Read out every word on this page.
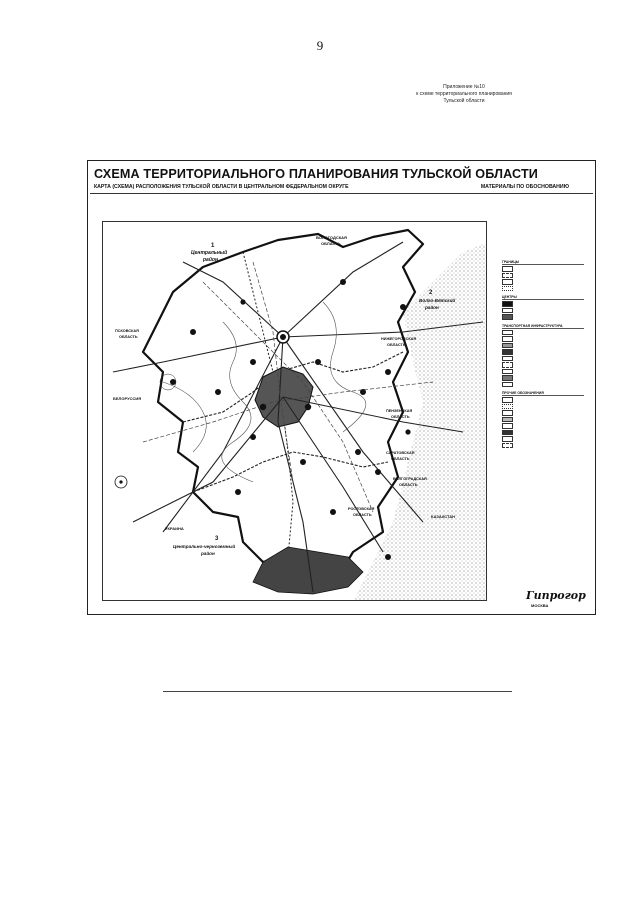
9
Приложение №10
к схеме территориального планирования
Тульской области
СХЕМА ТЕРРИТОРИАЛЬНОГО ПЛАНИРОВАНИЯ ТУЛЬСКОЙ ОБЛАСТИ
КАРТА (СХЕМА) РАСПОЛОЖЕНИЯ ТУЛЬСКОЙ ОБЛАСТИ В ЦЕНТРАЛЬНОМ ФЕДЕРАЛЬНОМ ОКРУГЕ	МАТЕРИАЛЫ ПО ОБОСНОВАНИЮ
1
Центральный
район
ВОЛОГОДСКАЯ
ОБЛАСТЬ
2
Волго-Вятский
район
ПСКОВСКАЯ
ОБЛАСТЬ	НИЖЕГОРОДСКАЯ
ОБЛАСТЬ
БЕЛОРУССИЯ
ПЕНЗЕНСКАЯ
ОБЛАСТЬ
САРАТОВСКАЯ
ОБЛАСТЬ
ВОЛГОГРАДСКАЯ
ОБЛАСТЬ
УКРАИНА
РОСТОВСКАЯ
ОБЛАСТЬ	КАЗАХСТАН
3
Центрально-черноземный
район
ГРАНИЦЫ
ЦЕНТРЫ
ТРАНСПОРТНАЯ ИНФРАСТРУКТУРА
ПРОЧИЕ ОБОЗНАЧЕНИЯ
Гипрогор
МОСКВА
